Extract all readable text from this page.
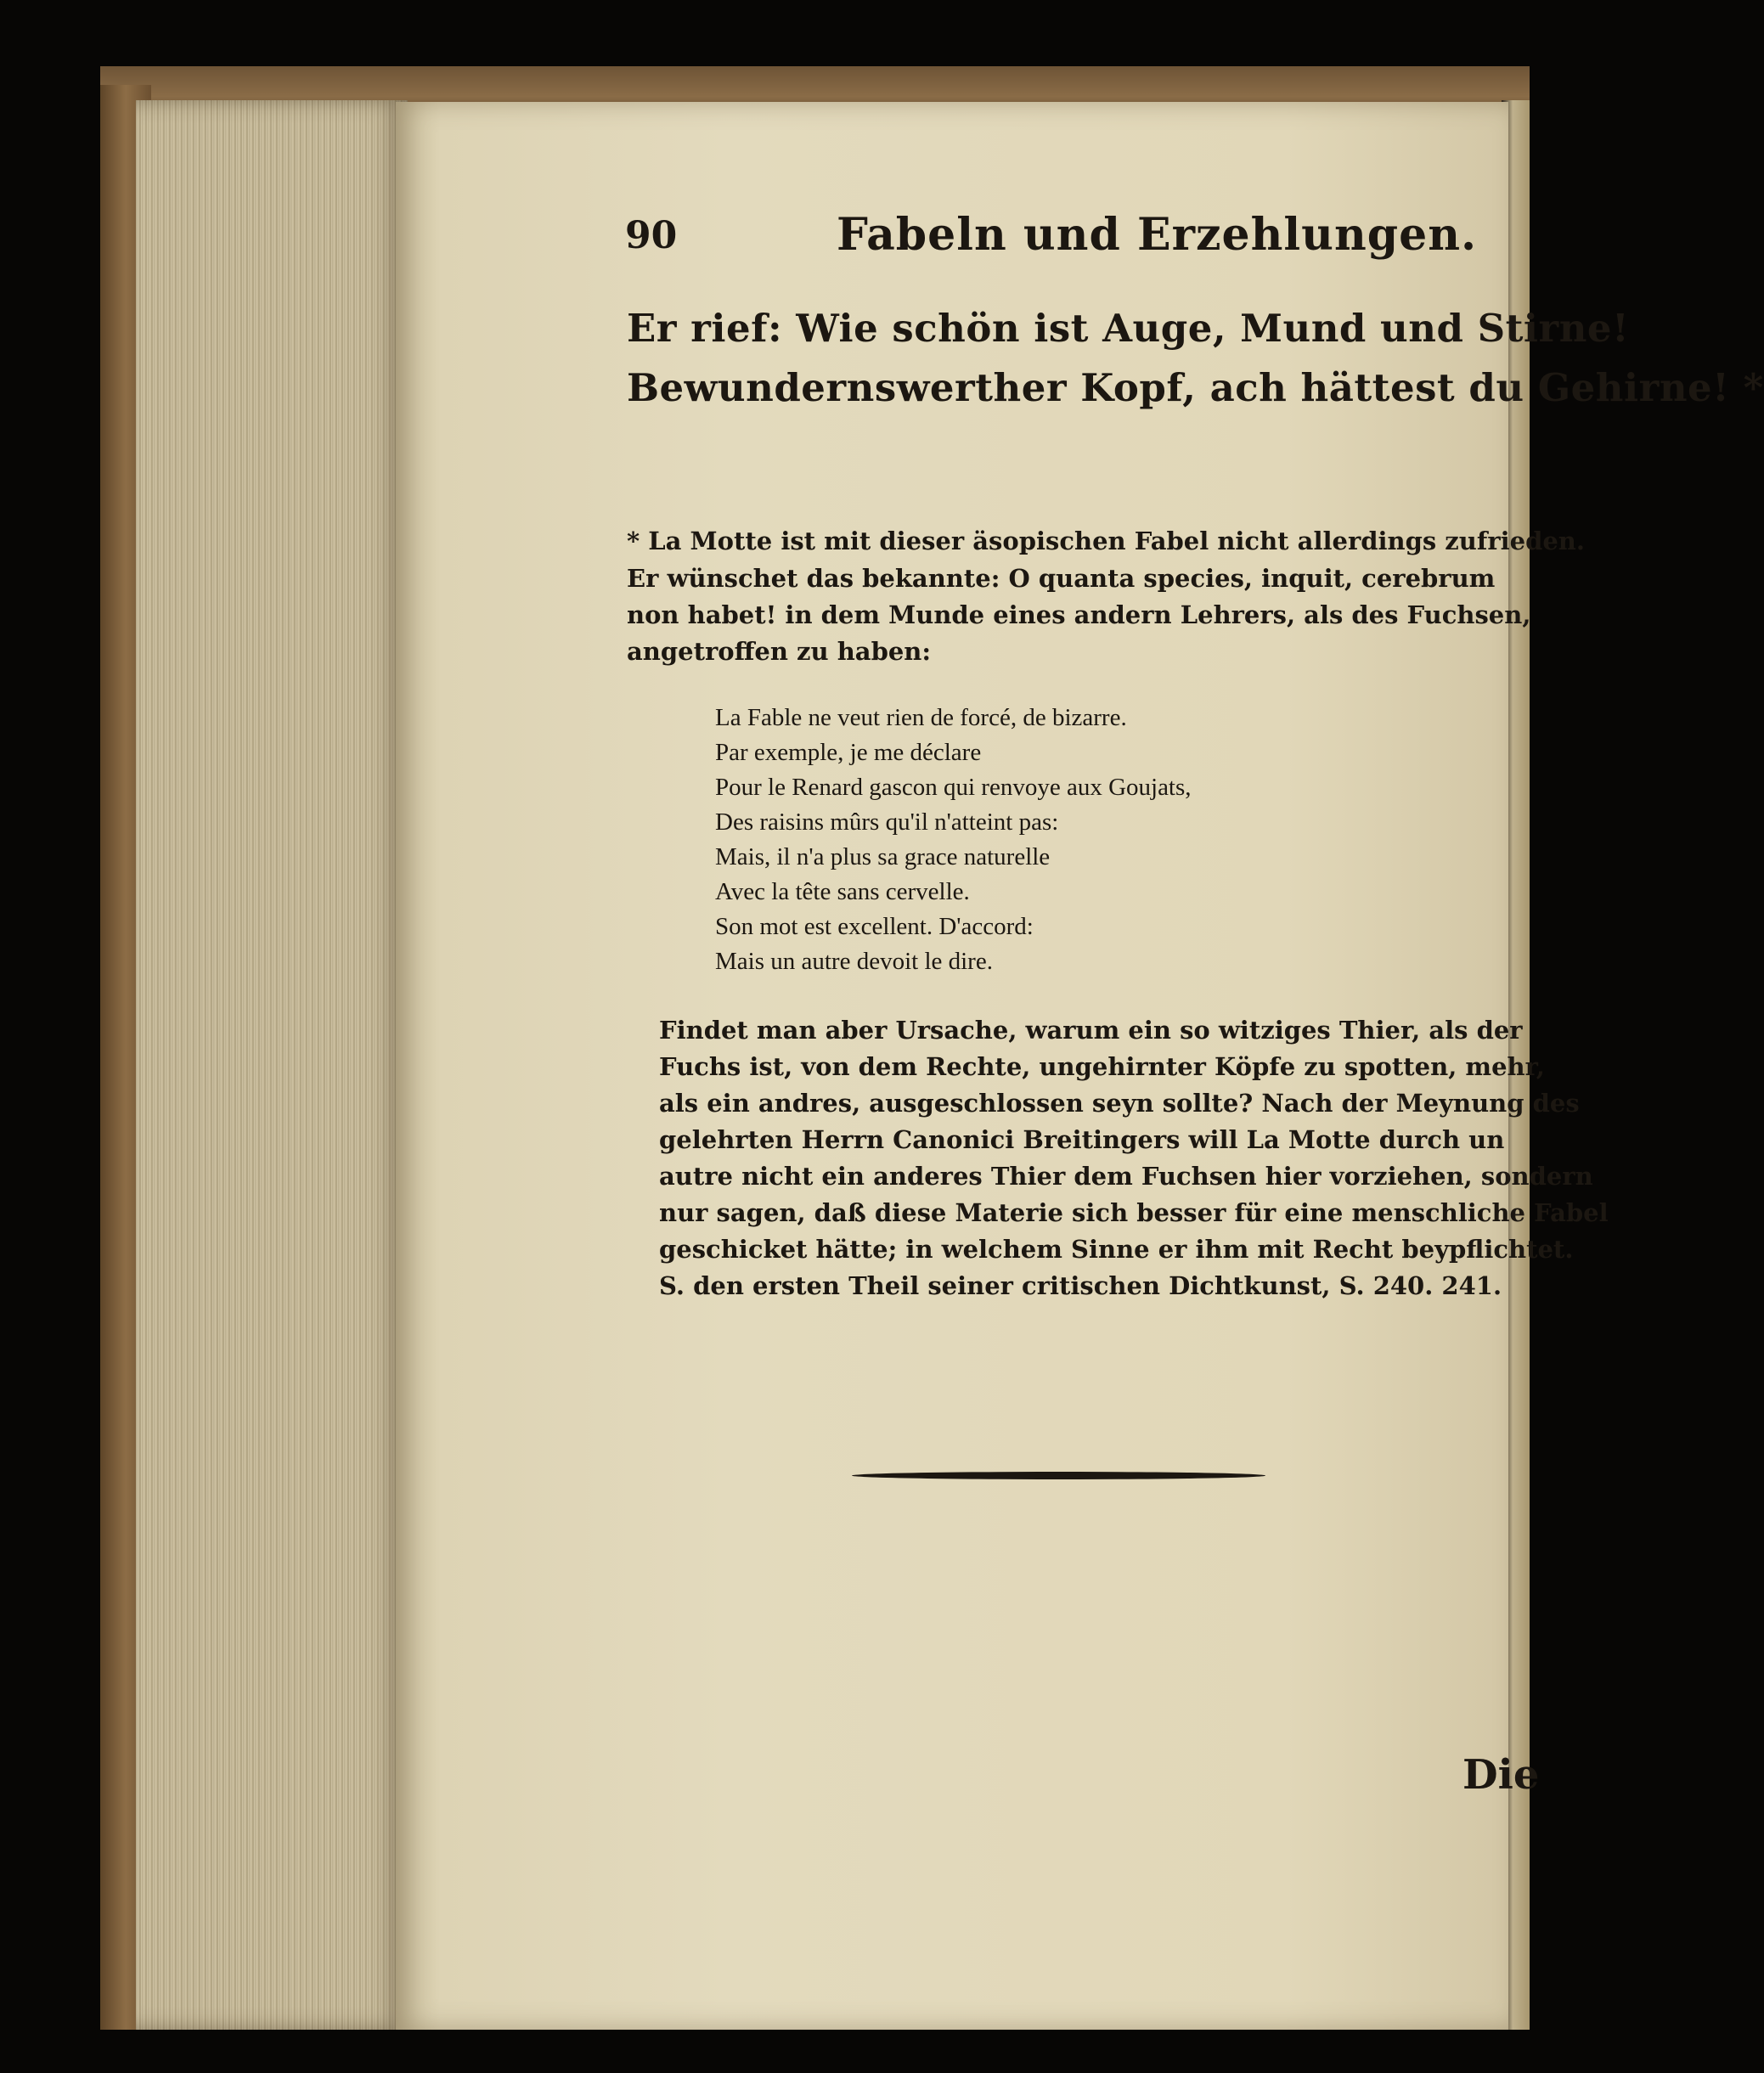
90	Fabeln und Erzehlungen.
Er rief: Wie schön ist Auge, Mund und Stirne!
Bewundernswerther Kopf, ach hättest du Gehirne! *
* La Motte ist mit dieser äsopischen Fabel nicht allerdings zufrieden.
Er wünschet das bekannte: O quanta species, inquit, cerebrum
non habet! in dem Munde eines andern Lehrers, als des Fuchsen,
angetroffen zu haben:
La Fable ne veut rien de forcé, de bizarre.
Par exemple, je me déclare
Pour le Renard gascon qui renvoye aux Goujats,
Des raisins mûrs qu'il n'atteint pas:
Mais, il n'a plus sa grace naturelle
Avec la tête sans cervelle.
Son mot est excellent. D'accord:
Mais un autre devoit le dire.
Findet man aber Ursache, warum ein so witziges Thier, als der
Fuchs ist, von dem Rechte, ungehirnter Köpfe zu spotten, mehr,
als ein andres, ausgeschlossen seyn sollte? Nach der Meynung des
gelehrten Herrn Canonici Breitingers will La Motte durch un
autre nicht ein anderes Thier dem Fuchsen hier vorziehen, sondern
nur sagen, daß diese Materie sich besser für eine menschliche Fabel
geschicket hätte; in welchem Sinne er ihm mit Recht beypflichtet.
S. den ersten Theil seiner critischen Dichtkunst, S. 240. 241.
Die
